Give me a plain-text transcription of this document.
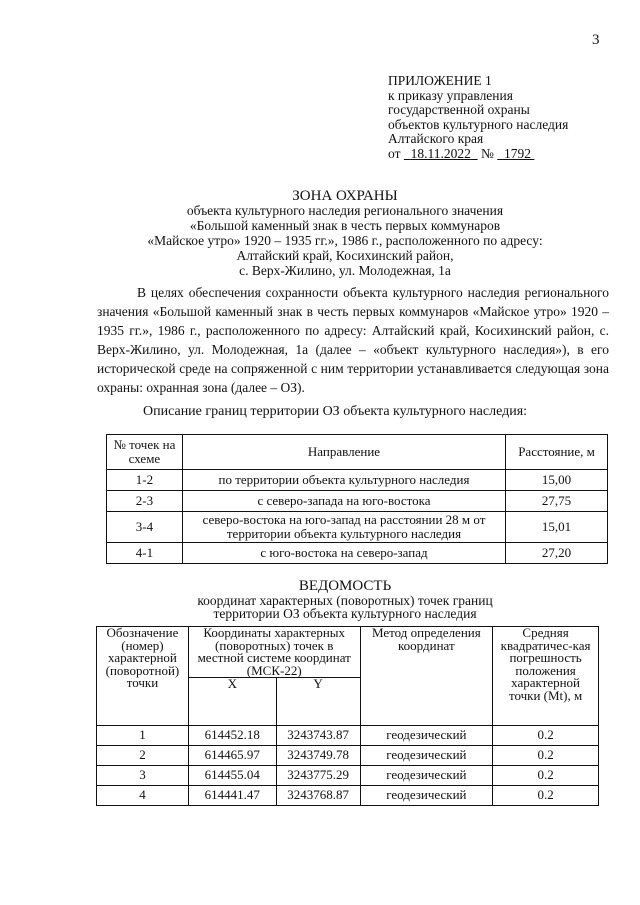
3
ПРИЛОЖЕНИЕ 1
к приказу управления
государственной охраны
объектов культурного наследия
Алтайского края
от 18.11.2022 № 1792
ЗОНА ОХРАНЫ
объекта культурного наследия регионального значения
«Большой каменный знак в честь первых коммунаров
«Майское утро» 1920 – 1935 гг.», 1986 г., расположенного по адресу:
Алтайский край, Косихинский район,
с. Верх-Жилино, ул. Молодежная, 1а
В целях обеспечения сохранности объекта культурного наследия регионального значения «Большой каменный знак в честь первых коммунаров «Майское утро» 1920 – 1935 гг.», 1986 г., расположенного по адресу: Алтайский край, Косихинский район, с. Верх-Жилино, ул. Молодежная, 1а (далее – «объект культурного наследия»), в его исторической среде на сопряженной с ним территории устанавливается следующая зона охраны: охранная зона (далее – ОЗ).
Описание границ территории ОЗ объекта культурного наследия:
№ точек на схеме	Направление	Расстояние, м
1-2	по территории объекта культурного наследия	15,00
2-3	с северо-запада на юго-востока	27,75
3-4	северо-востока на юго-запад на расстоянии 28 м от территории объекта культурного наследия	15,01
4-1	с юго-востока на северо-запад	27,20
ВЕДОМОСТЬ
координат характерных (поворотных) точек границ
территории ОЗ объекта культурного наследия
Обозначение (номер) характерной (поворотной) точки	Координаты характерных (поворотных) точек в местной системе координат (МСК-22)		Метод определения координат	Средняя квадратичес-кая погрешность положения характерной точки (Mt), м
	X	Y		
1	614452.18	3243743.87	геодезический	0.2
2	614465.97	3243749.78	геодезический	0.2
3	614455.04	3243775.29	геодезический	0.2
4	614441.47	3243768.87	геодезический	0.2
